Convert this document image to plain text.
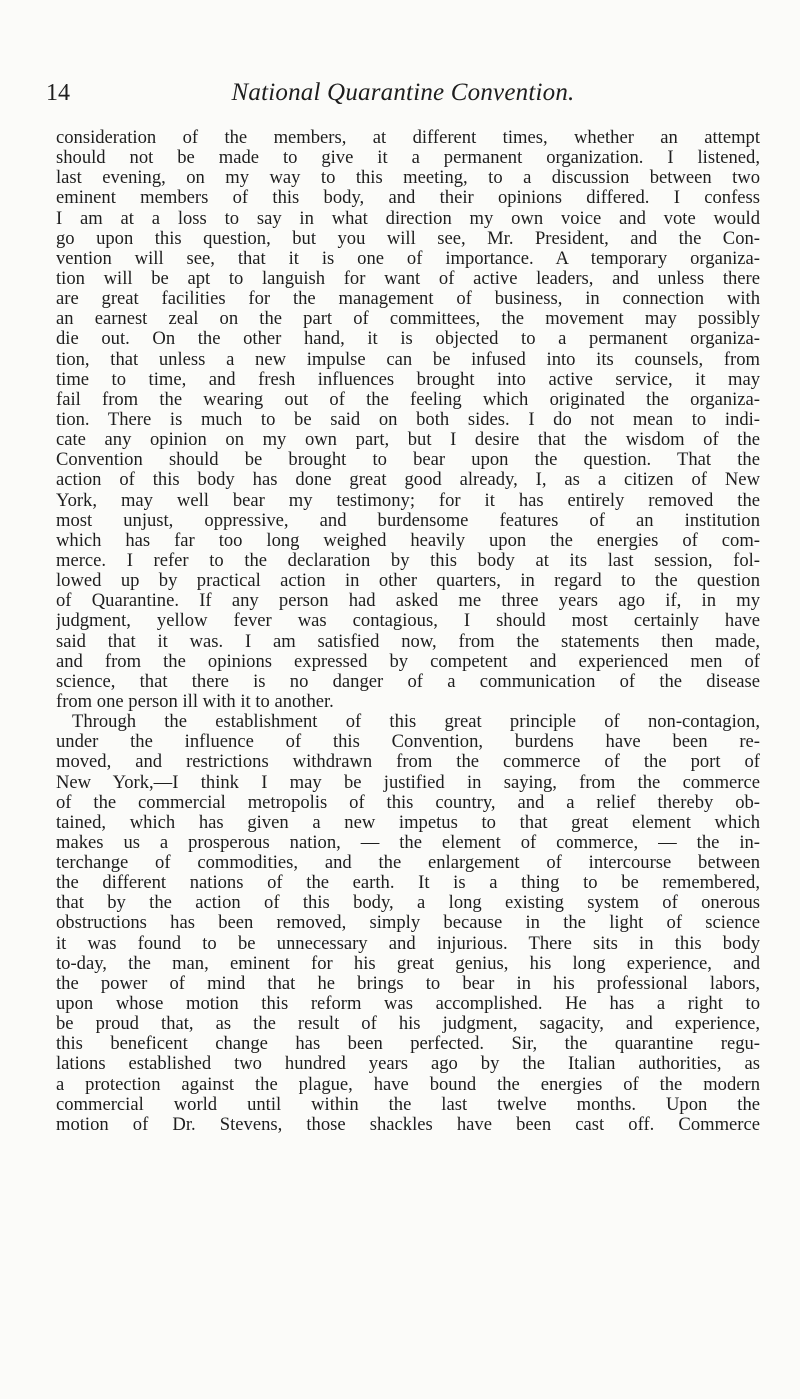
14	National Quarantine Convention.
consideration of the members, at different times, whether an attempt
should not be made to give it a permanent organization. I listened,
last evening, on my way to this meeting, to a discussion between two
eminent members of this body, and their opinions differed. I confess
I am at a loss to say in what direction my own voice and vote would
go upon this question, but you will see, Mr. President, and the Con-
vention will see, that it is one of importance. A temporary organiza-
tion will be apt to languish for want of active leaders, and unless there
are great facilities for the management of business, in connection with
an earnest zeal on the part of committees, the movement may possibly
die out. On the other hand, it is objected to a permanent organiza-
tion, that unless a new impulse can be infused into its counsels, from
time to time, and fresh influences brought into active service, it may
fail from the wearing out of the feeling which originated the organiza-
tion. There is much to be said on both sides. I do not mean to indi-
cate any opinion on my own part, but I desire that the wisdom of the
Convention should be brought to bear upon the question. That the
action of this body has done great good already, I, as a citizen of New
York, may well bear my testimony; for it has entirely removed the
most unjust, oppressive, and burdensome features of an institution
which has far too long weighed heavily upon the energies of com-
merce. I refer to the declaration by this body at its last session, fol-
lowed up by practical action in other quarters, in regard to the question
of Quarantine. If any person had asked me three years ago if, in my
judgment, yellow fever was contagious, I should most certainly have
said that it was. I am satisfied now, from the statements then made,
and from the opinions expressed by competent and experienced men of
science, that there is no danger of a communication of the disease
from one person ill with it to another.
Through the establishment of this great principle of non-contagion,
under the influence of this Convention, burdens have been re-
moved, and restrictions withdrawn from the commerce of the port of
New York,—I think I may be justified in saying, from the commerce
of the commercial metropolis of this country, and a relief thereby ob-
tained, which has given a new impetus to that great element which
makes us a prosperous nation, — the element of commerce, — the in-
terchange of commodities, and the enlargement of intercourse between
the different nations of the earth. It is a thing to be remembered,
that by the action of this body, a long existing system of onerous
obstructions has been removed, simply because in the light of science
it was found to be unnecessary and injurious. There sits in this body
to-day, the man, eminent for his great genius, his long experience, and
the power of mind that he brings to bear in his professional labors,
upon whose motion this reform was accomplished. He has a right to
be proud that, as the result of his judgment, sagacity, and experience,
this beneficent change has been perfected. Sir, the quarantine regu-
lations established two hundred years ago by the Italian authorities, as
a protection against the plague, have bound the energies of the modern
commercial world until within the last twelve months. Upon the
motion of Dr. Stevens, those shackles have been cast off. Commerce
